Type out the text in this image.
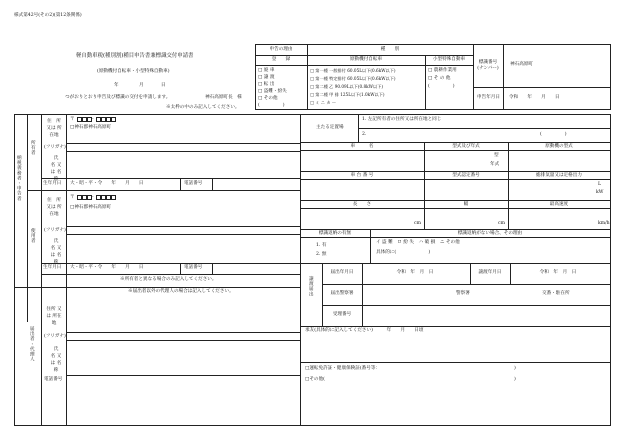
様式第42号(その2)(第12条関係)
軽自動車税(種別割)種目申告書兼標識交付申請書
(原動機付自転車・小型特殊自動車)
年	月	日
つがおりとおり申告及び標識の交付を申請します。	神石高原町長　様
※太枠の中のみ記入してください。
申告の理由	種　　別
登　　録	原動機付自転車	小型特殊自動車
□ 廃 車
□ 譲 渡
□ 転 出
□ 盗難・紛失
□ その他
(　　　　　)
□ 第一種 一般排付 60.05L以下(0.6kW以下)
□ 第一種 特定排付 60.05L以下(0.6kW以下)
□ 第二種 乙 90.09L以下(0.8kW以下)
□ 第二種 甲 排 125L以下(1.0kW以下)
□ ミ ニ カ ー
□ 農耕作業用
□ そ の 他
(　　　　　)
標識番号 (ナンバー)
神石高原町
申告年月日 令和　　年　　月　　日
納税義務者・申告者
所有者
使用者
届出者・代理人
住　所 又は 所在地
〒	-
□神石郡神石高原町
(フリガナ)
氏　名 又は 名　称
生年月日 大・昭・平・令　　年　　月　　日	電話番号
住　所 又は 所在地
〒	-
□神石郡神石高原町
(フリガナ)
氏　名 又は 名　称
生年月日 大・昭・平・令　　年　　月　　日	電話番号
※所有者と異なる場合のみ記入してください。
※届出者以外の代理人の場合は記入してください。
住所 又は 所在地
(フリガナ)
氏　名 又は 名　称
電話番号
主たる定置場
1. 左記所有者の住所又は所在地と同じ
2.	(　　　　　)
車　　　名	型式及び年式	原動機の型式
型
年式
車 台 番 号	型式認定番号	総排気量又は定格出力
L
kW
長　　さ	幅	最高速度
cm	cm	km/h
標識返納の有無	標識返納がない場合、その理由
1. 有
2. 無
イ 盗 難　ロ 紛 失　ハ 破 損　ニ その他
具体的に(　　　　　　　)
譲渡届出
届出年月日	令和　年　月　日	譲渡年月日	令和　年　月　日
届出警察署	警察署	交番・駐在所
受理番号
承友(具体的に記入してください)　　　年　　月　　日頃
□運転免許証・健康保険証(番号等：	)
□その他(	)
